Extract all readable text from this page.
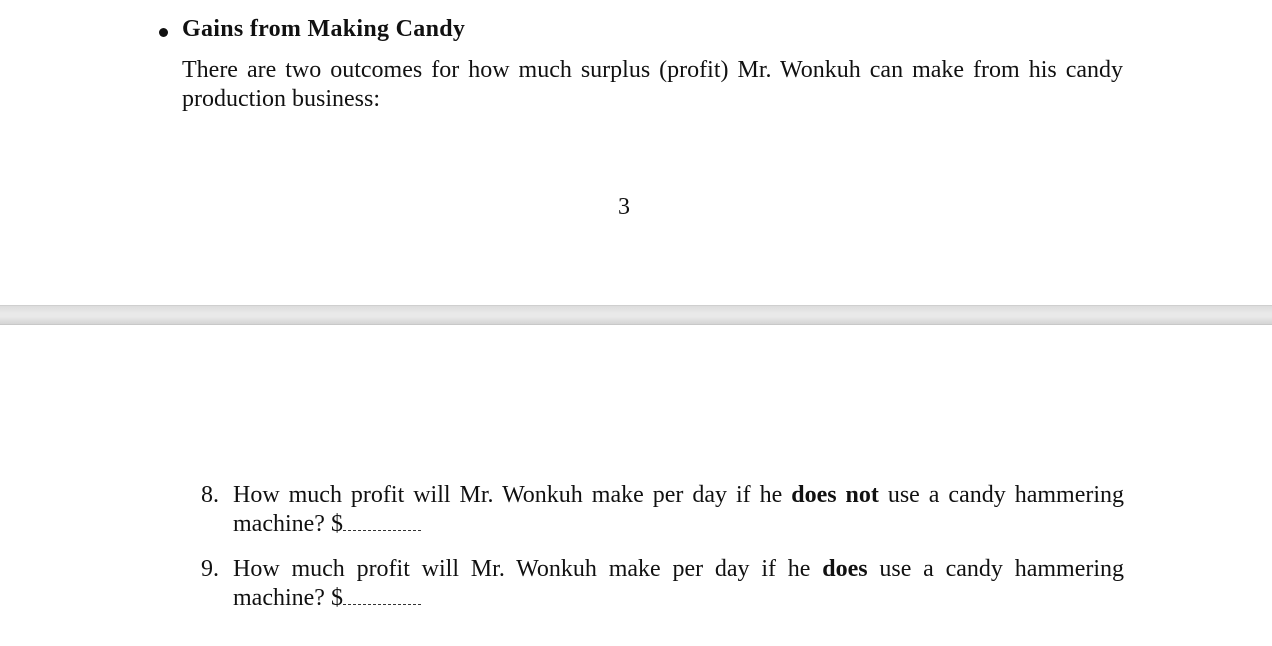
Gains from Making Candy
There are two outcomes for how much surplus (profit) Mr. Wonkuh can make from his candy production business:
3
8. How much profit will Mr. Wonkuh make per day if he does not use a candy hammering machine? $
9. How much profit will Mr. Wonkuh make per day if he does use a candy hammering machine? $
